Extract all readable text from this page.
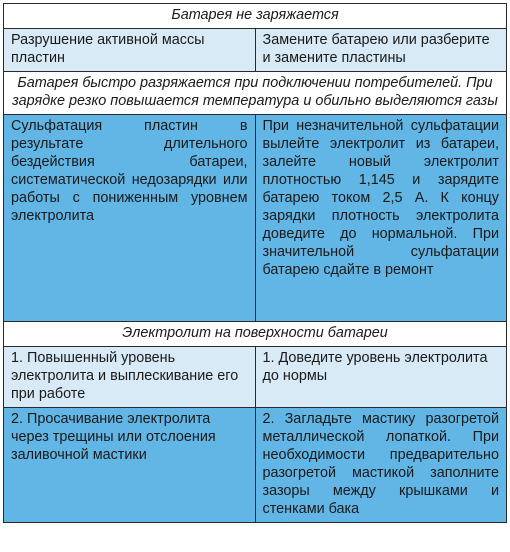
Батарея не заряжается	
Разрушение активной массы пластин	Замените батарею или разберите и замените пластины
Батарея быстро разряжается при подключении потребителей. При зарядке резко повышается температура и обильно выделяются газы	
Сульфатация пластин в результате длительного бездействия батареи, систематической недозарядки или работы с пониженным уровнем электролита	При незначительной сульфатации вылейте электролит из батареи, залейте новый электролит плотностью 1,145 и зарядите батарею током 2,5 А. К концу зарядки плотность электролита доведите до нормальной. При значительной сульфатации батарею сдайте в ремонт
Электролит на поверхности батареи	
1. Повышенный уровень электролита и выплескивание его при работе	1. Доведите уровень электролита до нормы
2. Просачивание электролита через трещины или отслоения заливочной мастики	2. Загладьте мастику разогретой металлической лопаткой. При необходимости предварительно разогретой мастикой заполните зазоры между крышками и стенками бака
